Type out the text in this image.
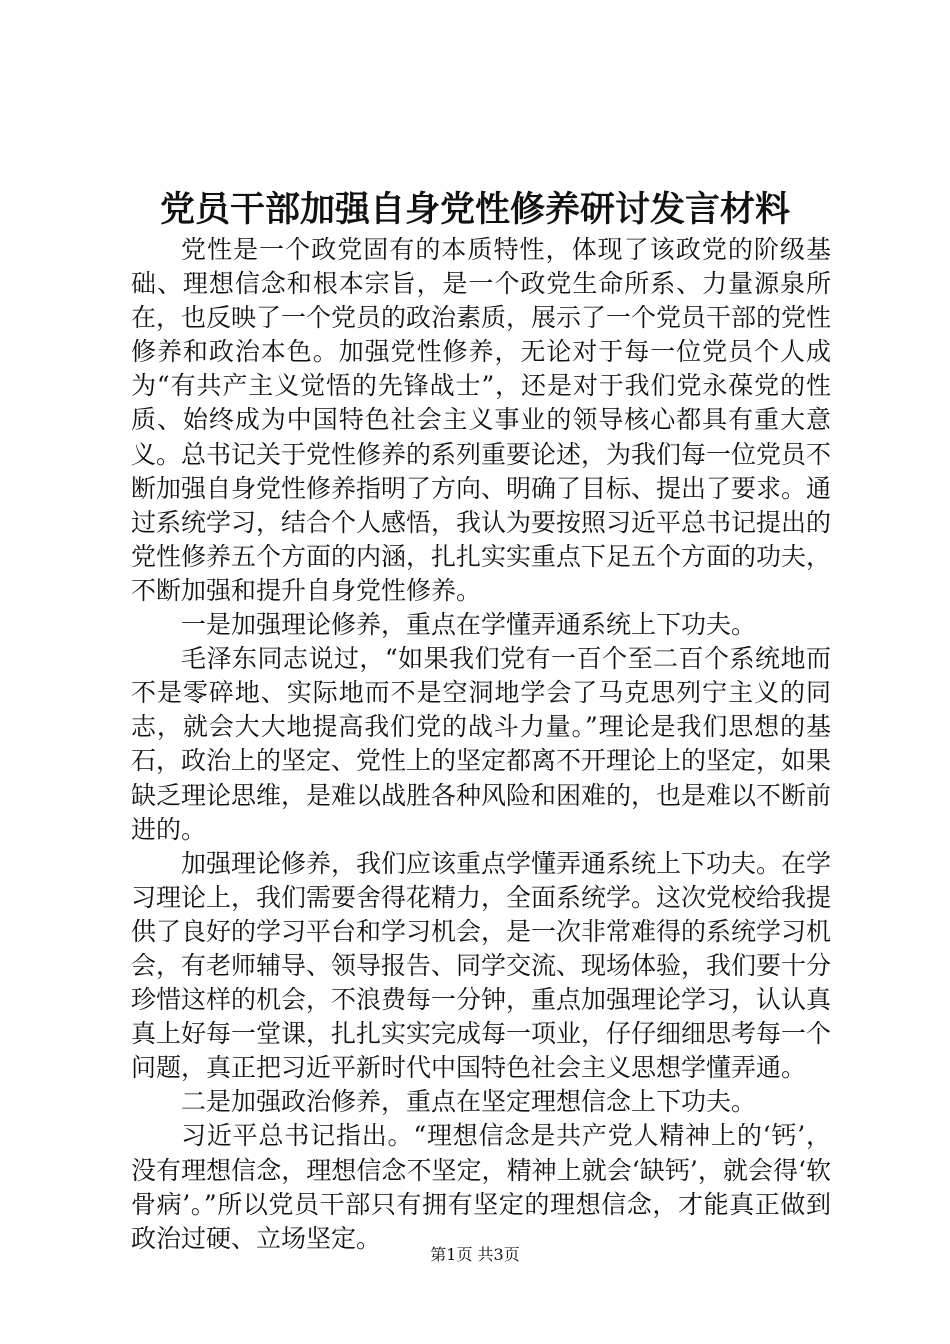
党员干部加强自身党性修养研讨发言材料

党性是一个政党固有的本质特性，体现了该政党的阶级基础、理想信念和根本宗旨，是一个政党生命所系、力量源泉所在，也反映了一个党员的政治素质，展示了一个党员干部的党性修养和政治本色。加强党性修养，无论对于每一位党员个人成为“有共产主义觉悟的先锋战士”，还是对于我们党永葆党的性质、始终成为中国特色社会主义事业的领导核心都具有重大意义。总书记关于党性修养的系列重要论述，为我们每一位党员不断加强自身党性修养指明了方向、明确了目标、提出了要求。通过系统学习，结合个人感悟，我认为要按照习近平总书记提出的党性修养五个方面的内涵，扎扎实实重点下足五个方面的功夫，不断加强和提升自身党性修养。

一是加强理论修养，重点在学懂弄通系统上下功夫。

毛泽东同志说过，“如果我们党有一百个至二百个系统地而不是零碎地、实际地而不是空洞地学会了马克思列宁主义的同志，就会大大地提高我们党的战斗力量。”理论是我们思想的基石，政治上的坚定、党性上的坚定都离不开理论上的坚定，如果缺乏理论思维，是难以战胜各种风险和困难的，也是难以不断前进的。

加强理论修养，我们应该重点学懂弄通系统上下功夫。在学习理论上，我们需要舍得花精力，全面系统学。这次党校给我提供了良好的学习平台和学习机会，是一次非常难得的系统学习机会，有老师辅导、领导报告、同学交流、现场体验，我们要十分珍惜这样的机会，不浪费每一分钟，重点加强理论学习，认认真真上好每一堂课，扎扎实实完成每一项业，仔仔细细思考每一个问题，真正把习近平新时代中国特色社会主义思想学懂弄通。

二是加强政治修养，重点在坚定理想信念上下功夫。

习近平总书记指出。“理想信念是共产党人精神上的‘钙’，没有理想信念，理想信念不坚定，精神上就会‘缺钙’，就会得‘软骨病’。”所以党员干部只有拥有坚定的理想信念，才能真正做到政治过硬、立场坚定。

第1页 共3页
